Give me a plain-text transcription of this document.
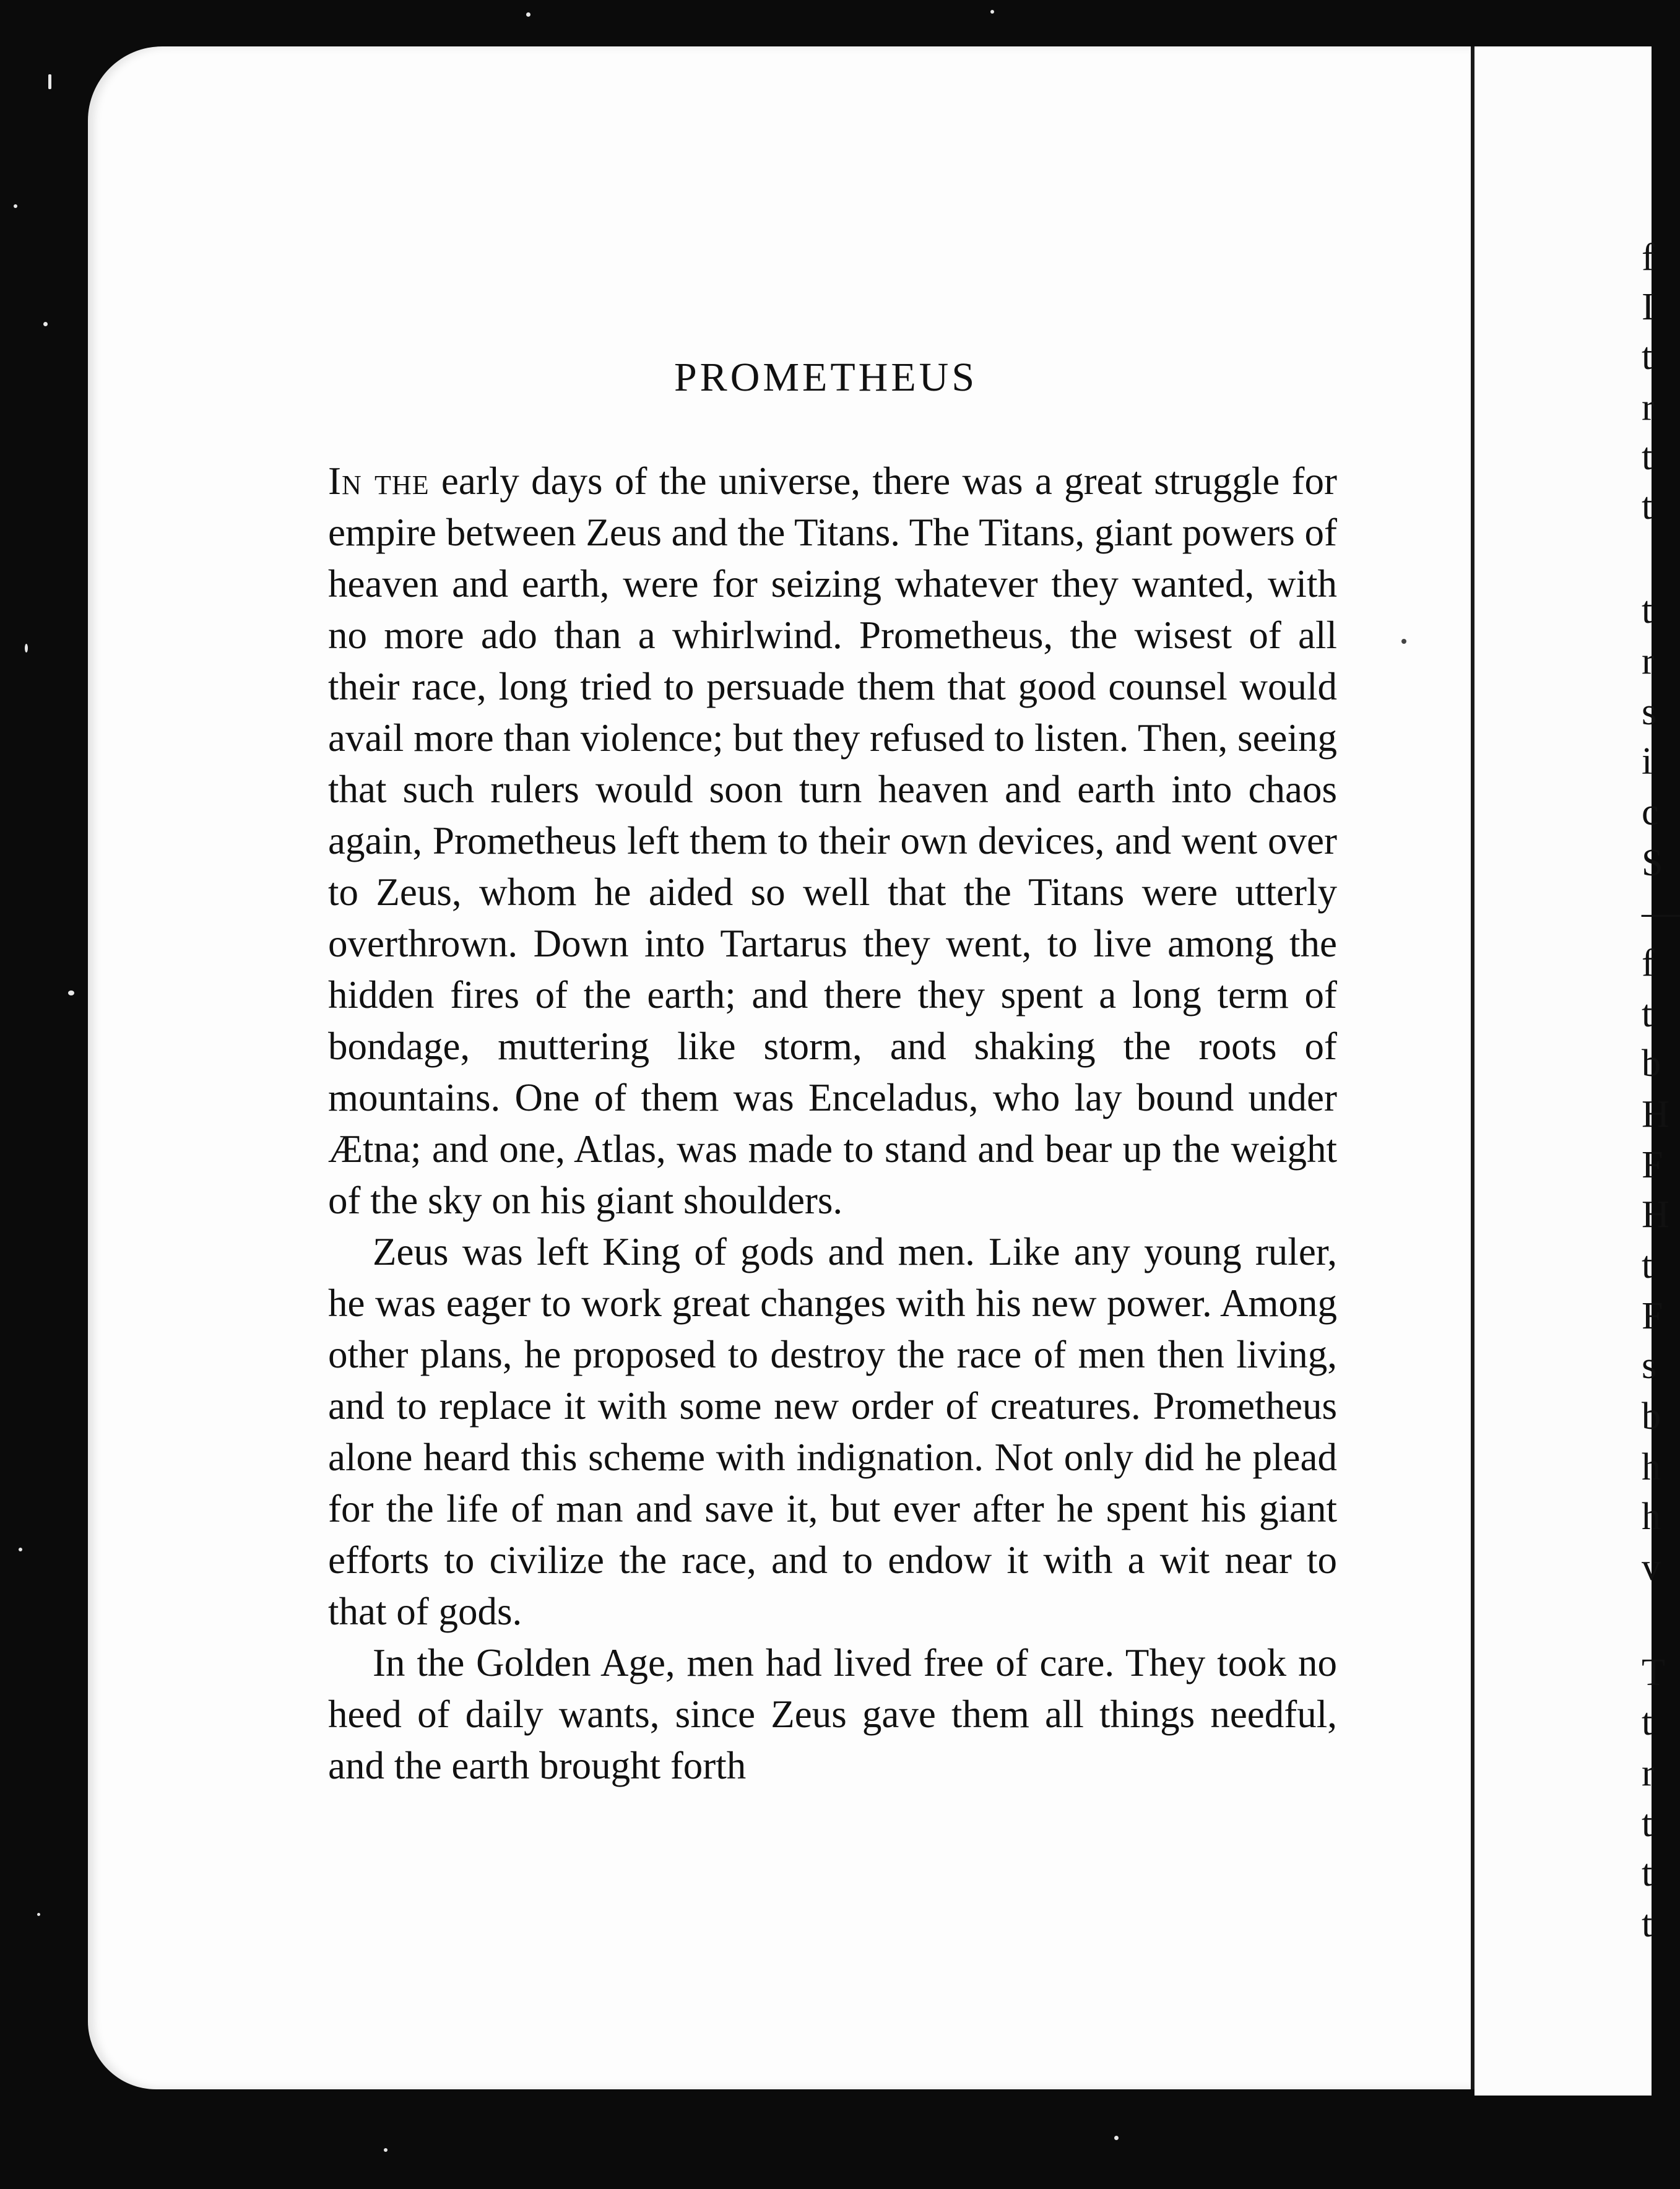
f
I
t
r
t
t
t
r
s
i
c
S
—
f
t
b
H
F
H
t
F
s
b
h
h
v
T
t
r
t
t
t
PROMETHEUS

In the early days of the universe, there was a great struggle for empire between Zeus and the Titans. The Titans, giant powers of heaven and earth, were for seizing whatever they wanted, with no more ado than a whirlwind. Prometheus, the wisest of all their race, long tried to persuade them that good counsel would avail more than violence; but they refused to listen. Then, seeing that such rulers would soon turn heaven and earth into chaos again, Prometheus left them to their own devices, and went over to Zeus, whom he aided so well that the Titans were utterly overthrown. Down into Tartarus they went, to live among the hidden fires of the earth; and there they spent a long term of bondage, muttering like storm, and shaking the roots of mountains. One of them was Enceladus, who lay bound under Ætna; and one, Atlas, was made to stand and bear up the weight of the sky on his giant shoulders.

Zeus was left King of gods and men. Like any young ruler, he was eager to work great changes with his new power. Among other plans, he proposed to destroy the race of men then living, and to replace it with some new order of creatures. Prometheus alone heard this scheme with indignation. Not only did he plead for the life of man and save it, but ever after he spent his giant efforts to civilize the race, and to endow it with a wit near to that of gods.

In the Golden Age, men had lived free of care. They took no heed of daily wants, since Zeus gave them all things needful, and the earth brought forth
